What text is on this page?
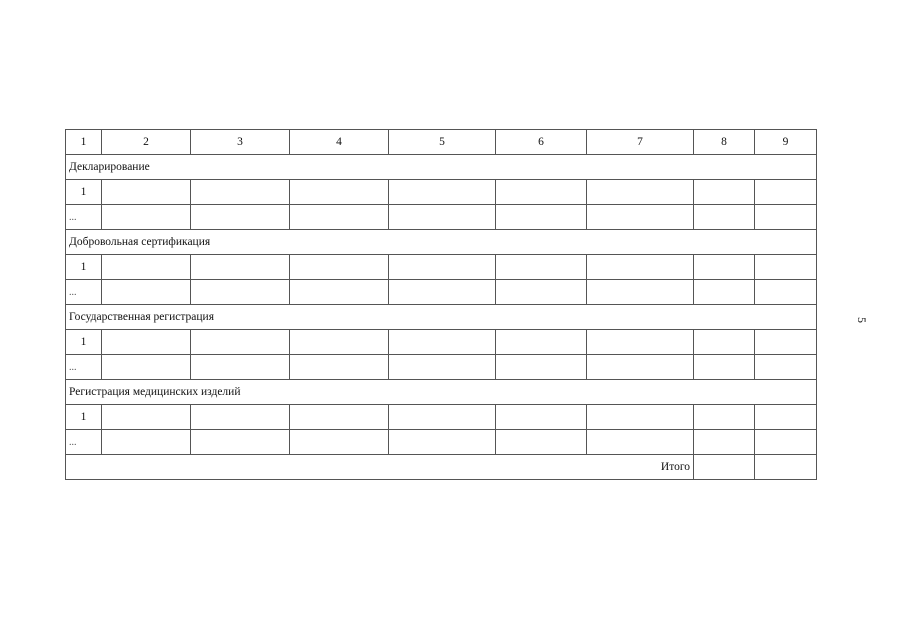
1	2	3	4	5	6	7	8	9
Декларирование								
1								
...								
Добровольная сертификация								
1								
...								
Государственная регистрация								
1								
...								
Регистрация медицинских изделий								
1								
...								
Итого								
5
